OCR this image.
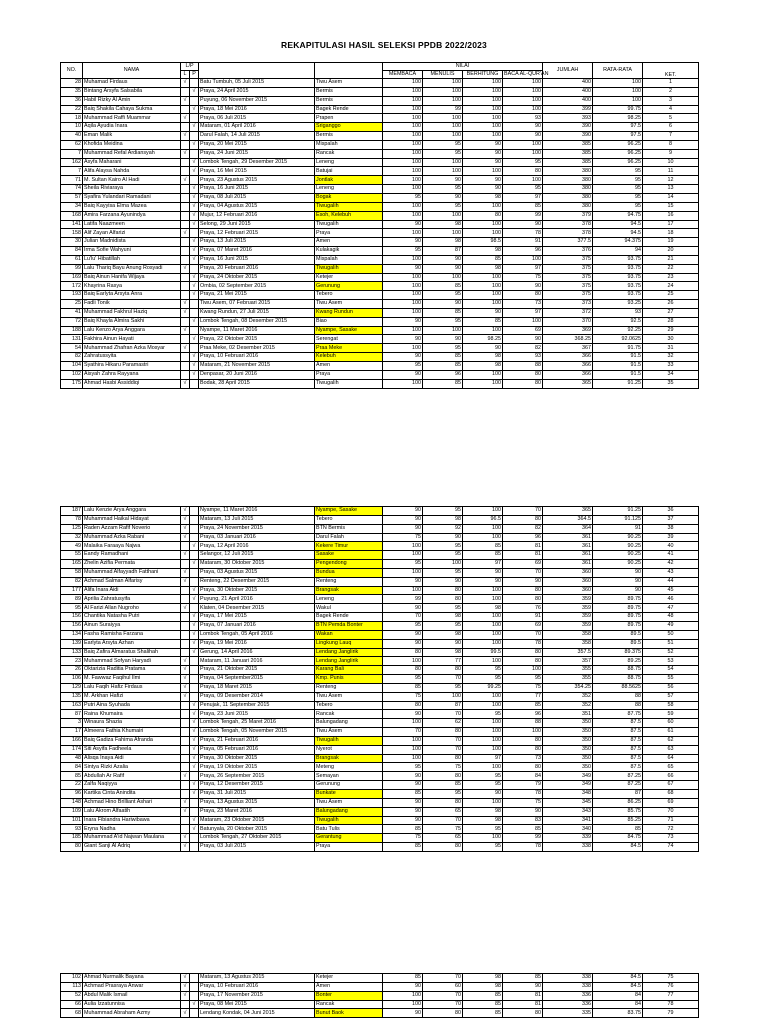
REKAPITULASI HASIL SELEKSI PPDB 2022/2023
NO.	NAMA	L/P				NILAI				JUMLAH	RATA-RATA	KET.
		L	P			MEMBACA	MENULIS	BERHITUNG	BACA AL-QUR'AN			

28	Muhamad Firdaus	√		Batu Tumbuh, 05 Juli 2015	Tiwu Asem	100	100	100	100	400	100	1
35	Bintang Arsyfa Salsabila		√	Praya, 24 April 2015	Bermis	100	100	100	100	400	100	2
36	Habil Rizky Al Amin	√		Puyung, 06 November 2015	Bermis	100	100	100	100	400	100	3
22	Baiq Shakila Cahaya Sukma		√	Praya, 18 Mei 2016	Bagek Rende	100	99	100	100	399	99.75	4
18	Muhammad Raffi Muammar	√		Praya, 06 Juli 2015	Prapen	100	100	100	93	393	98.25	5
10	Aqila Ayudia Inara		√	Mataram, 01 April 2016	Sriganggo	100	100	100	90	390	97.5	6
40	Eman Malik	√		Darul Falah, 14 Juli 2015	Bermis	100	100	100	90	390	97.5	7
62	Khofida Meidina		√	Praya, 20 Mei 2015	Mispalah	100	95	90	100	385	96.25	8
7	Muhammad Refal Ardiansyah	√		Praya, 24 Juni 2015	Rancak	100	95	90	100	385	96.25	9
162	Asyfa Maharani		√	Lombok Tengah, 29 Desember 2015	Leneng	100	100	90	95	385	96.25	10
7	Alifa Alaysa Nahda		√	Praya, 16 Mei 2015	Batujai	100	100	100	80	380	95	11
71	M. Sultan Kairo Al Hadi	√		Praya, 23 Agustus 2015	Jontlak	100	90	90	100	380	95	12
74	Sheila Riviaraya		√	Praya, 16 Juni 2015	Leneng	100	95	90	95	380	95	13
57	Syafira Yulandari Ramadani		√	Praya, 08 Juli 2015	Bogak	95	90	98	97	380	95	14
34	Baiq Kayyisa Elma Mazea		√	Praya, 04 Agustus 2015	Tiwugalih	100	95	100	85	380	95	15
168	Amira Farzana Ayunindya		√	Mujur, 12 Februari 2016	Esoh, Kelebuh	100	100	80	99	379	94.75	16
141	Latifa Naazmeen		√	Selong, 29 Juni 2015	Tiwugalih	90	98	100	90	378	94.5	17
158	Alif Zayan Alfarizi	√		Praya, 12 Februari 2015	Praya	100	100	100	78	378	94.5	18
30	Julian Madnidista		√	Praya, 13 Juli 2015	Amen	90	98	98.5	91	377.5	94.375	19
84	Irma Sofie Wahyuni		√	Praya, 07 Maret 2016	Kulakagik	95	87	98	96	376	94	20
61	Lu'lu' Hibatillah		√	Praya, 16 Juni 2015	Mispalah	100	90	85	100	375	93.75	21
99	Lalu Thariq Bayu Anung Rosyadi	√		Praya, 20 Februari 2016	Tiwugalih	90	90	98	97	375	93.75	22
169	Baiq Ainun Hanifa Wijaya		√	Praya, 24 Oktober 2015	Ketejer	100	100	100	75	375	93.75	23
172	Khayrina Rasya		√	Ombia, 02 September 2015	Gerunung	100	85	100	90	375	93.75	24
193	Baiq Earlyta Arsyta Anra		√	Praya, 21 Mei 2015	Tebero	100	95	100	80	375	93.75	25
25	Fadli Tonik	√		Tiwu Asem, 07 Februari 2015	Tiwu Asem	100	90	100	73	373	93.25	26
41	Muhammad Fakhrul Haziq	√		Kwang Rundun, 27 Juli 2015	Kwang Rundun	100	85	90	97	372	93	27
72	Baiq Khayla Almira Sakhi		√	Lombok Tengah, 08 Desember 2015	Biao	90	95	85	100	370	92.5	28
188	Lalu Kenzo Arya Anggara	√		Nyampe, 11 Maret 2016	Nyampe, Sasake	100	100	100	69	369	92.25	29
131	Fakhira Ainun Hayati		√	Praya, 22 Oktober 2015	Serengat	90	90	98.25	90	368.25	92.0625	30
54	Muhammad Zhafran Azka Mosyar	√		Praa Meke, 02 Desember 2015	Praa Meke	100	95	90	82	367	91.75	31
82	Zahratussyita		√	Praya, 10 Februari 2016	Kelebuh	90	85	98	93	366	91.5	32
104	Syathira Hikaru Paramastri		√	Mataram, 21 November 2015	Amen	95	85	98	88	366	91.5	33
102	Aisyah Zahra Rayyana		√	Denpasar, 20 Juni 2016	Praya	90	96	100	80	366	91.5	34
175	Ahmad Hasbi Assiddiqi	√		Bodak, 28 April 2015	Tiwugalih	100	85	100	80	365	91.25	35
187	Lalu Kenzie Arya Anggara	√		Nyampe, 11 Maret 2016	Nyampe, Sasake	90	95	100	70	365	91.25	36
78	Muhammad Haikal Hidayat	√		Mataram, 13 Juli 2015	Tebero	90	98	96.5	80	364.5	91.125	37
125	Raden Azzam Rafif Noverio	√		Praya, 24 November 2015	BTN Bermis	90	92	100	82	364	91	38
32	Muhammad Azka Rabani	√		Praya, 03 Januari 2016	Darul Falah	75	90	100	96	361	90.25	39
49	Malaika Faraaya Najwa		√	Praya, 12 April 2016	Kekere Timur	100	95	85	81	361	90.25	40
55	Eandy Ramadhani	√		Selangor, 12 Juli 2015	Sasake	100	95	85	81	361	90.25	41
165	Zhelin Azifia Permata		√	Mataram, 30 Oktober 2015	Pengendong	95	100	97	69	361	90.25	42
58	Muhammad Alfayyadh Fatthani	√		Praya, 03 Agustus 2015	Bundua	100	95	90	70	360	90	43
82	Achmad Salman Alfarisy	√		Renteng, 22 Desember 2015	Renteng	90	90	90	90	360	90	44
177	Alifa Inara Aidi		√	Praya, 30 Oktober 2015	Brangsak	100	80	100	80	360	90	45
89	Aprilia Zahratusyifa		√	Puyung, 21 April 2016	Leneng	99	80	100	80	359	89.75	46
95	Al Farizi Allan Nugroho	√		Klaten, 04 Desember 2015	Wakul	90	95	98	76	359	89.75	47
156	Chantika Natasha Putri		√	Praya, 17 Mei 2015	Bagek Rende	70	98	100	91	359	89.75	48
156	Ainun Suraiyya		√	Praya, 07 Januari 2016	BTN Pemda Bonter	95	95	100	69	359	89.75	49
134	Fasha Ramisha Farzana		√	Lombok Tengah, 05 April 2016	Wakan	90	98	100	70	358	89.5	50
139	Earlyta Arsyta Azhan		√	Praya, 19 Mei 2016	Lingkung Lauq	90	90	100	78	358	89.5	51
133	Baiq Zafira Almaratus Shalihah		√	Gerung, 14 April 2016	Lendang Janglirik	80	98	99.5	80	357.5	89.375	52
23	Muhammad Sofyan Haryadi	√		Mataram, 11 Januari 2016	Lendang Janglirik	100	77	100	80	357	89.25	53
26	Oktarizia Raditia Pratama	√		Praya, 21 Oktober 2015	Karang Bali	80	80	95	100	355	88.75	54
106	M. Fawwaz Faqihul Ilmi	√		Praya, 04 September2015	Kmp. Punis	95	70	95	95	355	88.75	55
129	Lalu Faqih Hafiz Firdaus	√		Praya, 18 Maret 2015	Renteng	85	95	99.25	75	354.25	88.5625	56
135	M. Arkhan Hafizi	√		Praya, 09 Desember 2014	Tiwu Asem	75	100	100	77	352	88	57
163	Putri Aina Syuhada		√	Penujak, 11 September 2015	Tebero	80	87	100	85	352	88	58
87	Raina Khumaira		√	Praya, 23 Juni 2015	Rancak	90	70	95	96	351	87.75	59
3	Winaura Shazia		√	Lombok Tengah, 25 Maret 2016	Balungadang	100	62	100	88	350	87.5	60
17	Almeera Fathia Khumairi		√	Lombok Tengah, 05 November 2015	Tiwu Asem	70	80	100	100	350	87.5	61
166	Baiq Gadiza Fahima Afranda		√	Praya, 21 Februari 2016	Tiwugalih	100	70	100	80	350	87.5	62
174	Siti Asyifa Fadheela		√	Praya, 05 Februari 2016	Nyerot	100	70	100	80	350	87.5	63
48	Alisqa Inaya Aidi		√	Praya, 30 Oktober 2015	Brangsak	100	80	97	73	350	87.5	64
84	Sintya Rizki Azalia		√	Praya, 19 Oktober 2015	Meteng	95	75	100	80	350	87.5	65
85	Abdullah Ar Rafif	√		Praya, 26 September 2015	Semayan	90	80	95	84	349	87.25	66
22	Zalfa Naqiyya		√	Praya, 12 Desember 2015	Gerunung	90	85	95	79	349	87.25	67
96	Kartika Cinta Anindita		√	Praya, 31 Juli 2015	Bunkate	85	95	90	78	348	87	68
148	Achmad Hino Brilliant Ashari	√		Praya, 13 Agustus 2015	Tiwu Asem	90	80	100	75	345	86.25	69
109	Lalu Akrom Alfaatih	√		Praya, 23 Maret 2016	Balungadang	90	65	98	90	343	85.75	70
101	Inara Fibiandra Hariwibawa		√	Mataram, 23 Oktober 2015	Tiwugalih	90	70	98	83	341	85.25	71
93	Eryna Nadha		√	Batunyala, 20 Oktober 2015	Batu Tulis	85	75	95	85	340	85	72
185	Muhammad A'id Najwan Maulana	√		Lombok Tengah, 27 Oktober 2015	Gerantung	75	65	100	99	339	84.75	73
80	Giant Sanji Al Adriq	√		Praya, 03 Juli 2015	Praya	85	80	95	78	338	84.5	74
102	Ahmad Nurmalik Bayana	√		Mataram, 13 Agustus 2015	Ketejer	85	70	98	85	338	84.5	75
113	Achmad Prasraya Anwar	√		Praya, 10 Februari 2016	Amen	90	60	98	90	338	84.5	76
52	Abdul Malik Ismail	√		Praya, 17 November 2015	Bonter	100	70	85	81	336	84	77
66	Aulia Izzatunnisa		√	Praya, 08 Mei 2015	Rancak	100	70	85	81	336	84	78
68	Muhammad Abraham Azmy	√		Lendang Kondak, 04 Juni 2015	Bunut Baok	90	80	85	80	335	83.75	79
